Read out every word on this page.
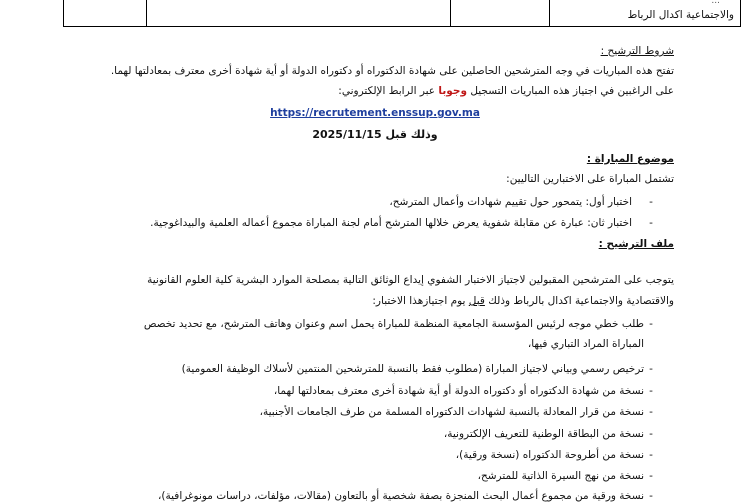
...
والاجتماعية اكدال الرباط
شروط الترشيح :
تفتح هذه المباريات في وجه المترشحين الحاصلين على شهادة الدكتوراه أو دكتوراه الدولة أو أية شهادة أخرى معترف بمعادلتها لهما.
على الراغبين في اجتياز هذه المباريات التسجيل وجوبا عبر الرابط الإلكتروني:
https://recrutement.enssup.gov.ma
وذلك قبل 2025/11/15
موضوع المباراة :
تشتمل المباراة على الاختبارين التاليين:
-
اختبار أول: يتمحور حول تقييم شهادات وأعمال المترشح،
-
اختبار ثان: عبارة عن مقابلة شفوية يعرض خلالها المترشح أمام لجنة المباراة مجموع أعماله العلمية والبيداغوجية.
ملف الترشيح :
يتوجب على المترشحين المقبولين لاجتياز الاختبار الشفوي إيداع الوثائق التالية بمصلحة الموارد البشرية كلية العلوم القانونية
والاقتصادية والاجتماعية اكدال بالرباط وذلك قبل يوم اجتيازهذا الاختبار:
-
طلب خطي موجه لرئيس المؤسسة الجامعية المنظمة للمباراة يحمل اسم وعنوان وهاتف المترشح، مع تحديد تخصص
المباراة المراد التباري فيها،
-
ترخيص رسمي وبياني لاجتياز المباراة (مطلوب فقط بالنسبة للمترشحين المنتمين لأسلاك الوظيفة العمومية)
-
نسخة من شهادة الدكتوراه أو دكتوراه الدولة أو أية شهادة أخرى معترف بمعادلتها لهما،
-
نسخة من قرار المعادلة بالنسبة لشهادات الدكتوراه المسلمة من طرف الجامعات الأجنبية،
-
نسخة من البطاقة الوطنية للتعريف الإلكترونية،
-
نسخة من أطروحة الدكتوراه (نسخة ورقية)،
-
نسخة من نهج السيرة الذاتية للمترشح،
-
نسخة ورقية من مجموع أعمال البحث المنجزة بصفة شخصية أو بالتعاون (مقالات، مؤلفات، دراسات مونوغرافية)،
